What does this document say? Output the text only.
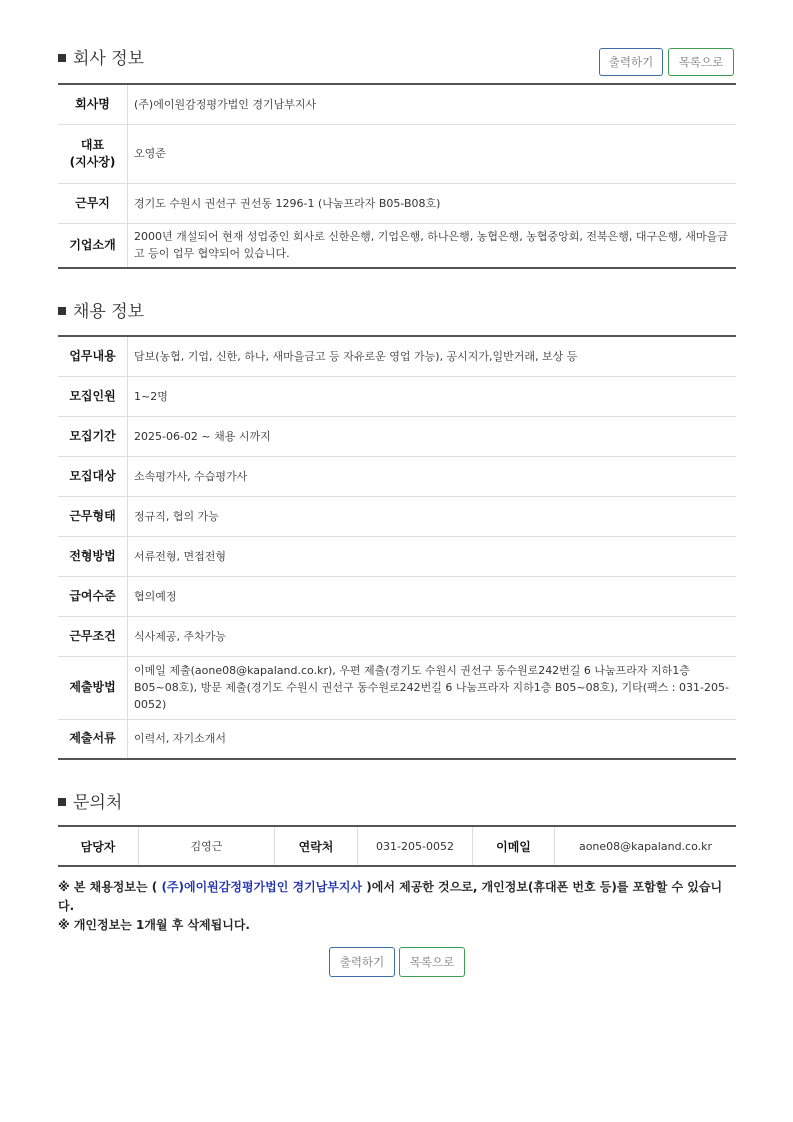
회사 정보	출력하기	목록으로
회사명	(주)에이원감정평가법인 경기남부지사
대표
(지사장)	오영준
근무지	경기도 수원시 권선구 권선동 1296-1 (나눔프라자 B05-B08호)
기업소개	2000년 개설되어 현재 성업중인 회사로 신한은행, 기업은행, 하나은행, 농협은행, 농협중앙회, 전북은행, 대구은행, 새마을금고 등이 업무 협약되어 있습니다.
채용 정보
업무내용	담보(농협, 기업, 신한, 하나, 새마을금고 등 자유로운 영업 가능), 공시지가,일반거래, 보상 등
모집인원	1~2명
모집기간	2025-06-02 ~ 채용 시까지
모집대상	소속평가사, 수습평가사
근무형태	정규직, 협의 가능
전형방법	서류전형, 면접전형
급여수준	협의예정
근무조건	식사제공, 주차가능
제출방법	이메일 제출(aone08@kapaland.co.kr), 우편 제출(경기도 수원시 권선구 동수원로242번길 6 나눔프라자 지하1층 B05~08호), 방문 제출(경기도 수원시 권선구 동수원로242번길 6 나눔프라자 지하1층 B05~08호), 기타(팩스 : 031-205-0052)
제출서류	이력서, 자기소개서
문의처
담당자	김영근	연락처	031-205-0052	이메일	aone08@kapaland.co.kr
※ 본 채용정보는 ( (주)에이원감정평가법인 경기남부지사 )에서 제공한 것으로, 개인정보(휴대폰 번호 등)를 포함할 수 있습니다.
※ 개인정보는 1개월 후 삭제됩니다.
출력하기	목록으로
